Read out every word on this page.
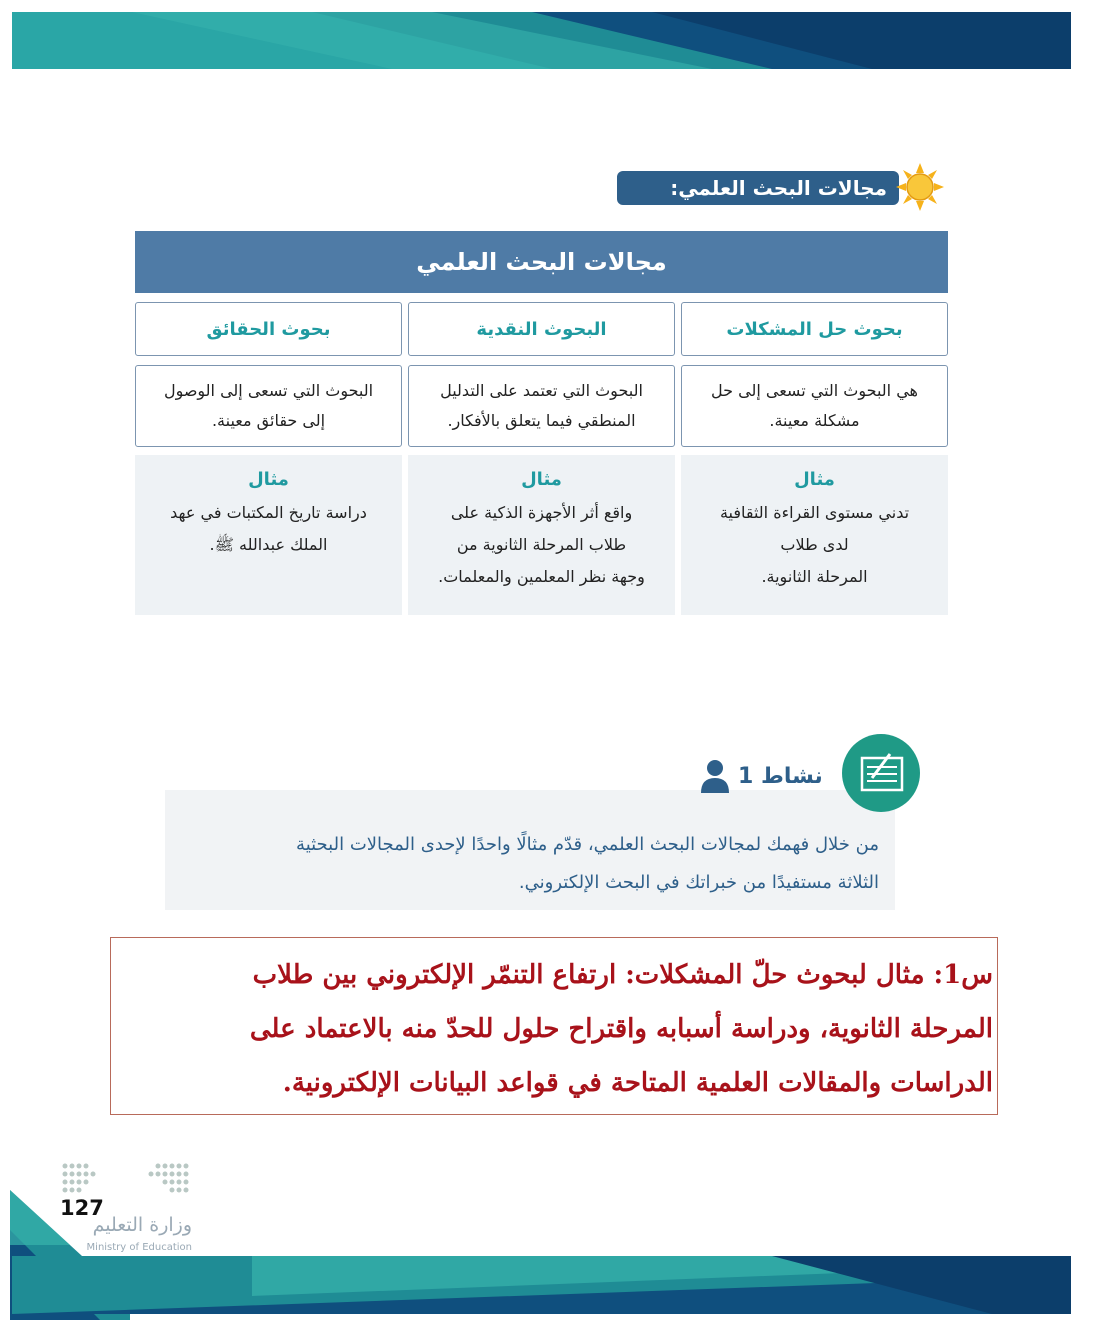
مجالات البحث العلمي:
مجالات البحث العلمي
بحوث حل المشكلات
البحوث النقدية
بحوث الحقائق
هي البحوث التي تسعى إلى حل
مشكلة معينة.
البحوث التي تعتمد على التدليل
المنطقي فيما يتعلق بالأفكار.
البحوث التي تسعى إلى الوصول
إلى حقائق معينة.
مثال
تدني مستوى القراءة الثقافية
لدى طلاب
المرحلة الثانوية.
مثال
واقع أثر الأجهزة الذكية على
طلاب المرحلة الثانوية من
وجهة نظر المعلمين والمعلمات.
مثال
دراسة تاريخ المكتبات في عهد
الملك عبدالله ﷺ.
من خلال فهمك لمجالات البحث العلمي، قدّم مثالًا واحدًا لإحدى المجالات البحثية
الثلاثة مستفيدًا من خبراتك في البحث الإلكتروني.
نشاط 1
س1: مثال لبحوث حلّ المشكلات: ارتفاع التنمّر الإلكتروني بين طلاب
المرحلة الثانوية، ودراسة أسبابه واقتراح حلول للحدّ منه بالاعتماد على
الدراسات والمقالات العلمية المتاحة في قواعد البيانات الإلكترونية.
وزارة التعليم
Ministry of Education
127
